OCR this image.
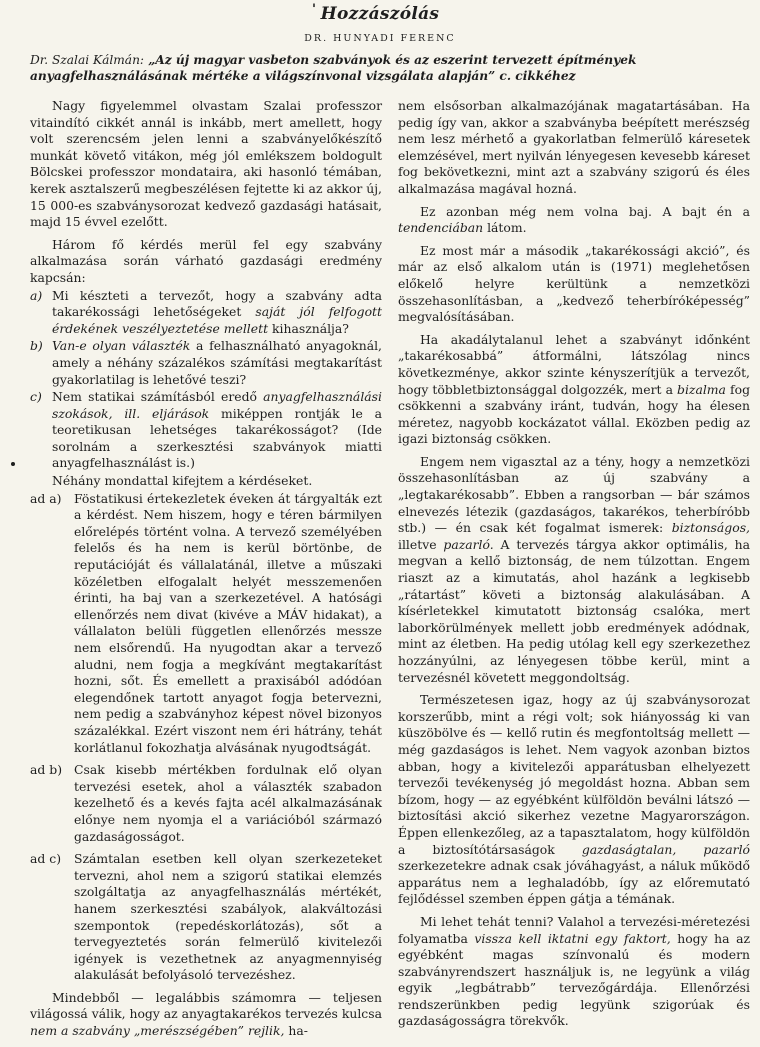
' Hozzászólás
DR. HUNYADI FERENC
Dr. Szalai Kálmán: „Az új magyar vasbeton szabványok és az eszerint tervezett építmények anyagfelhasználásának mértéke a világszínvonal vizsgálata alapján” c. cikkéhez

Nagy figyelemmel olvastam Szalai professzor vitaindító cikkét annál is inkább, mert amellett, hogy volt szerencsém jelen lenni a szabványelőkészítő munkát követő vitákon, még jól emlékszem boldogult Bölcskei professzor mondataira, aki hasonló témában, kerek asztalszerű megbeszélésen fejtette ki az akkor új, 15 000-es szabványsorozat kedvező gazdasági hatásait, majd 15 évvel ezelőtt.

Három fő kérdés merül fel egy szabvány alkalmazása során várható gazdasági eredmény kapcsán:

a) Mi készteti a tervezőt, hogy a szabvány adta takarékossági lehetőségeket saját jól felfogott érdekének veszélyeztetése mellett kihasználja?
b) Van-e olyan választék a felhasználható anyagoknál, amely a néhány százalékos számítási megtakarítást gyakorlatilag is lehetővé teszi?
c) Nem statikai számításból eredő anyagfelhasználási szokások, ill. eljárások miképpen rontják le a teoretikusan lehetséges takarékosságot? (Ide sorolnám a szerkesztési szabványok miatti anyagfelhasználást is.)

Néhány mondattal kifejtem a kérdéseket.

ad a) Föstatikusi értekezletek éveken át tárgyalták ezt a kérdést. Nem hiszem, hogy e téren bármilyen előrelépés történt volna. A tervező személyében felelős és ha nem is kerül börtönbe, de reputációját és vállalatánál, illetve a műszaki közéletben elfogalalt helyét messzemenően érinti, ha baj van a szerkezetével. A hatósági ellenőrzés nem divat (kivéve a MÁV hidakat), a vállalaton belüli független ellenőrzés messze nem elsőrendű. Ha nyugodtan akar a tervező aludni, nem fogja a megkívánt megtakarítást hozni, sőt. És emellett a praxisából adódóan elegendőnek tartott anyagot fogja betervezni, nem pedig a szabványhoz képest növel bizonyos százalékkal. Ezért viszont nem éri hátrány, tehát korlátlanul fokozhatja alvásának nyugodtságát.
ad b) Csak kisebb mértékben fordulnak elő olyan tervezési esetek, ahol a választék szabadon kezelhető és a kevés fajta acél alkalmazásának előnye nem nyomja el a variációból származó gazdaságosságot.
ad c) Számtalan esetben kell olyan szerkezeteket tervezni, ahol nem a szigorú statikai elemzés szolgáltatja az anyagfelhasználás mértékét, hanem szerkesztési szabályok, alakváltozási szempontok (repedéskorlátozás), sőt a tervegyeztetés során felmerülő kivitelezői igények is vezethetnek az anyagmennyiség alakulását befolyásoló tervezéshez.

Mindebből — legalábbis számomra — teljesen világossá válik, hogy az anyagtakarékos tervezés kulcsa nem a szabvány „merészségében” rejlik, ha-

nem elsősorban alkalmazójának magatartásában. Ha pedig így van, akkor a szabványba beépített merészség nem lesz mérhető a gyakorlatban felmerülő káresetek elemzésével, mert nyilván lényegesen kevesebb káreset fog bekövetkezni, mint azt a szabvány szigorú és éles alkalmazása magával hozná.

Ez azonban még nem volna baj. A bajt én a tendenciában látom.

Ez most már a második „takarékossági akció”, és már az első alkalom után is (1971) meglehetősen előkelő helyre kerültünk a nemzetközi összehasonlításban, a „kedvező teherbíróképesség” megvalósításában.

Ha akadálytalanul lehet a szabványt időnként „takarékosabbá” átformálni, látszólag nincs következménye, akkor szinte kényszerítjük a tervezőt, hogy többletbiztonsággal dolgozzék, mert a bizalma fog csökkenni a szabvány iránt, tudván, hogy ha élesen méretez, nagyobb kockázatot vállal. Eközben pedig az igazi biztonság csökken.

Engem nem vigasztal az a tény, hogy a nemzetközi összehasonlításban az új szabvány a „legtakarékosabb”. Ebben a rangsorban — bár számos elnevezés létezik (gazdaságos, takarékos, teherbíróbb stb.) — én csak két fogalmat ismerek: biztonságos, illetve pazarló. A tervezés tárgya akkor optimális, ha megvan a kellő biztonság, de nem túlzottan. Engem riaszt az a kimutatás, ahol hazánk a legkisebb „rátartást” követi a biztonság alakulásában. A kísérletekkel kimutatott biztonság csalóka, mert laborkörülmények mellett jobb eredmények adódnak, mint az életben. Ha pedig utólag kell egy szerkezethez hozzányúlni, az lényegesen többe kerül, mint a tervezésnél követett meggondoltság.

Természetesen igaz, hogy az új szabványsorozat korszerűbb, mint a régi volt; sok hiányosság ki van küszöbölve és — kellő rutin és megfontoltság mellett — még gazdaságos is lehet. Nem vagyok azonban biztos abban, hogy a kivitelezői apparátusban elhelyezett tervezői tevékenység jó megoldást hozna. Abban sem bízom, hogy — az egyébként külföldön beválni látszó — biztosítási akció sikerhez vezetne Magyarországon. Éppen ellenkezőleg, az a tapasztalatom, hogy külföldön a biztosítótársaságok gazdaságtalan, pazarló szerkezetekre adnak csak jóváhagyást, a náluk működő apparátus nem a leghaladóbb, így az előremutató fejlődéssel szemben éppen gátja a témának.

Mi lehet tehát tenni? Valahol a tervezési-méretezési folyamatba vissza kell iktatni egy faktort, hogy ha az egyébként magas színvonalú és modern szabványrendszert használjuk is, ne legyünk a világ egyik „legbátrabb” tervezőgárdája. Ellenőrzési rendszerünkben pedig legyünk szigorúak és gazdaságosságra törekvők.
